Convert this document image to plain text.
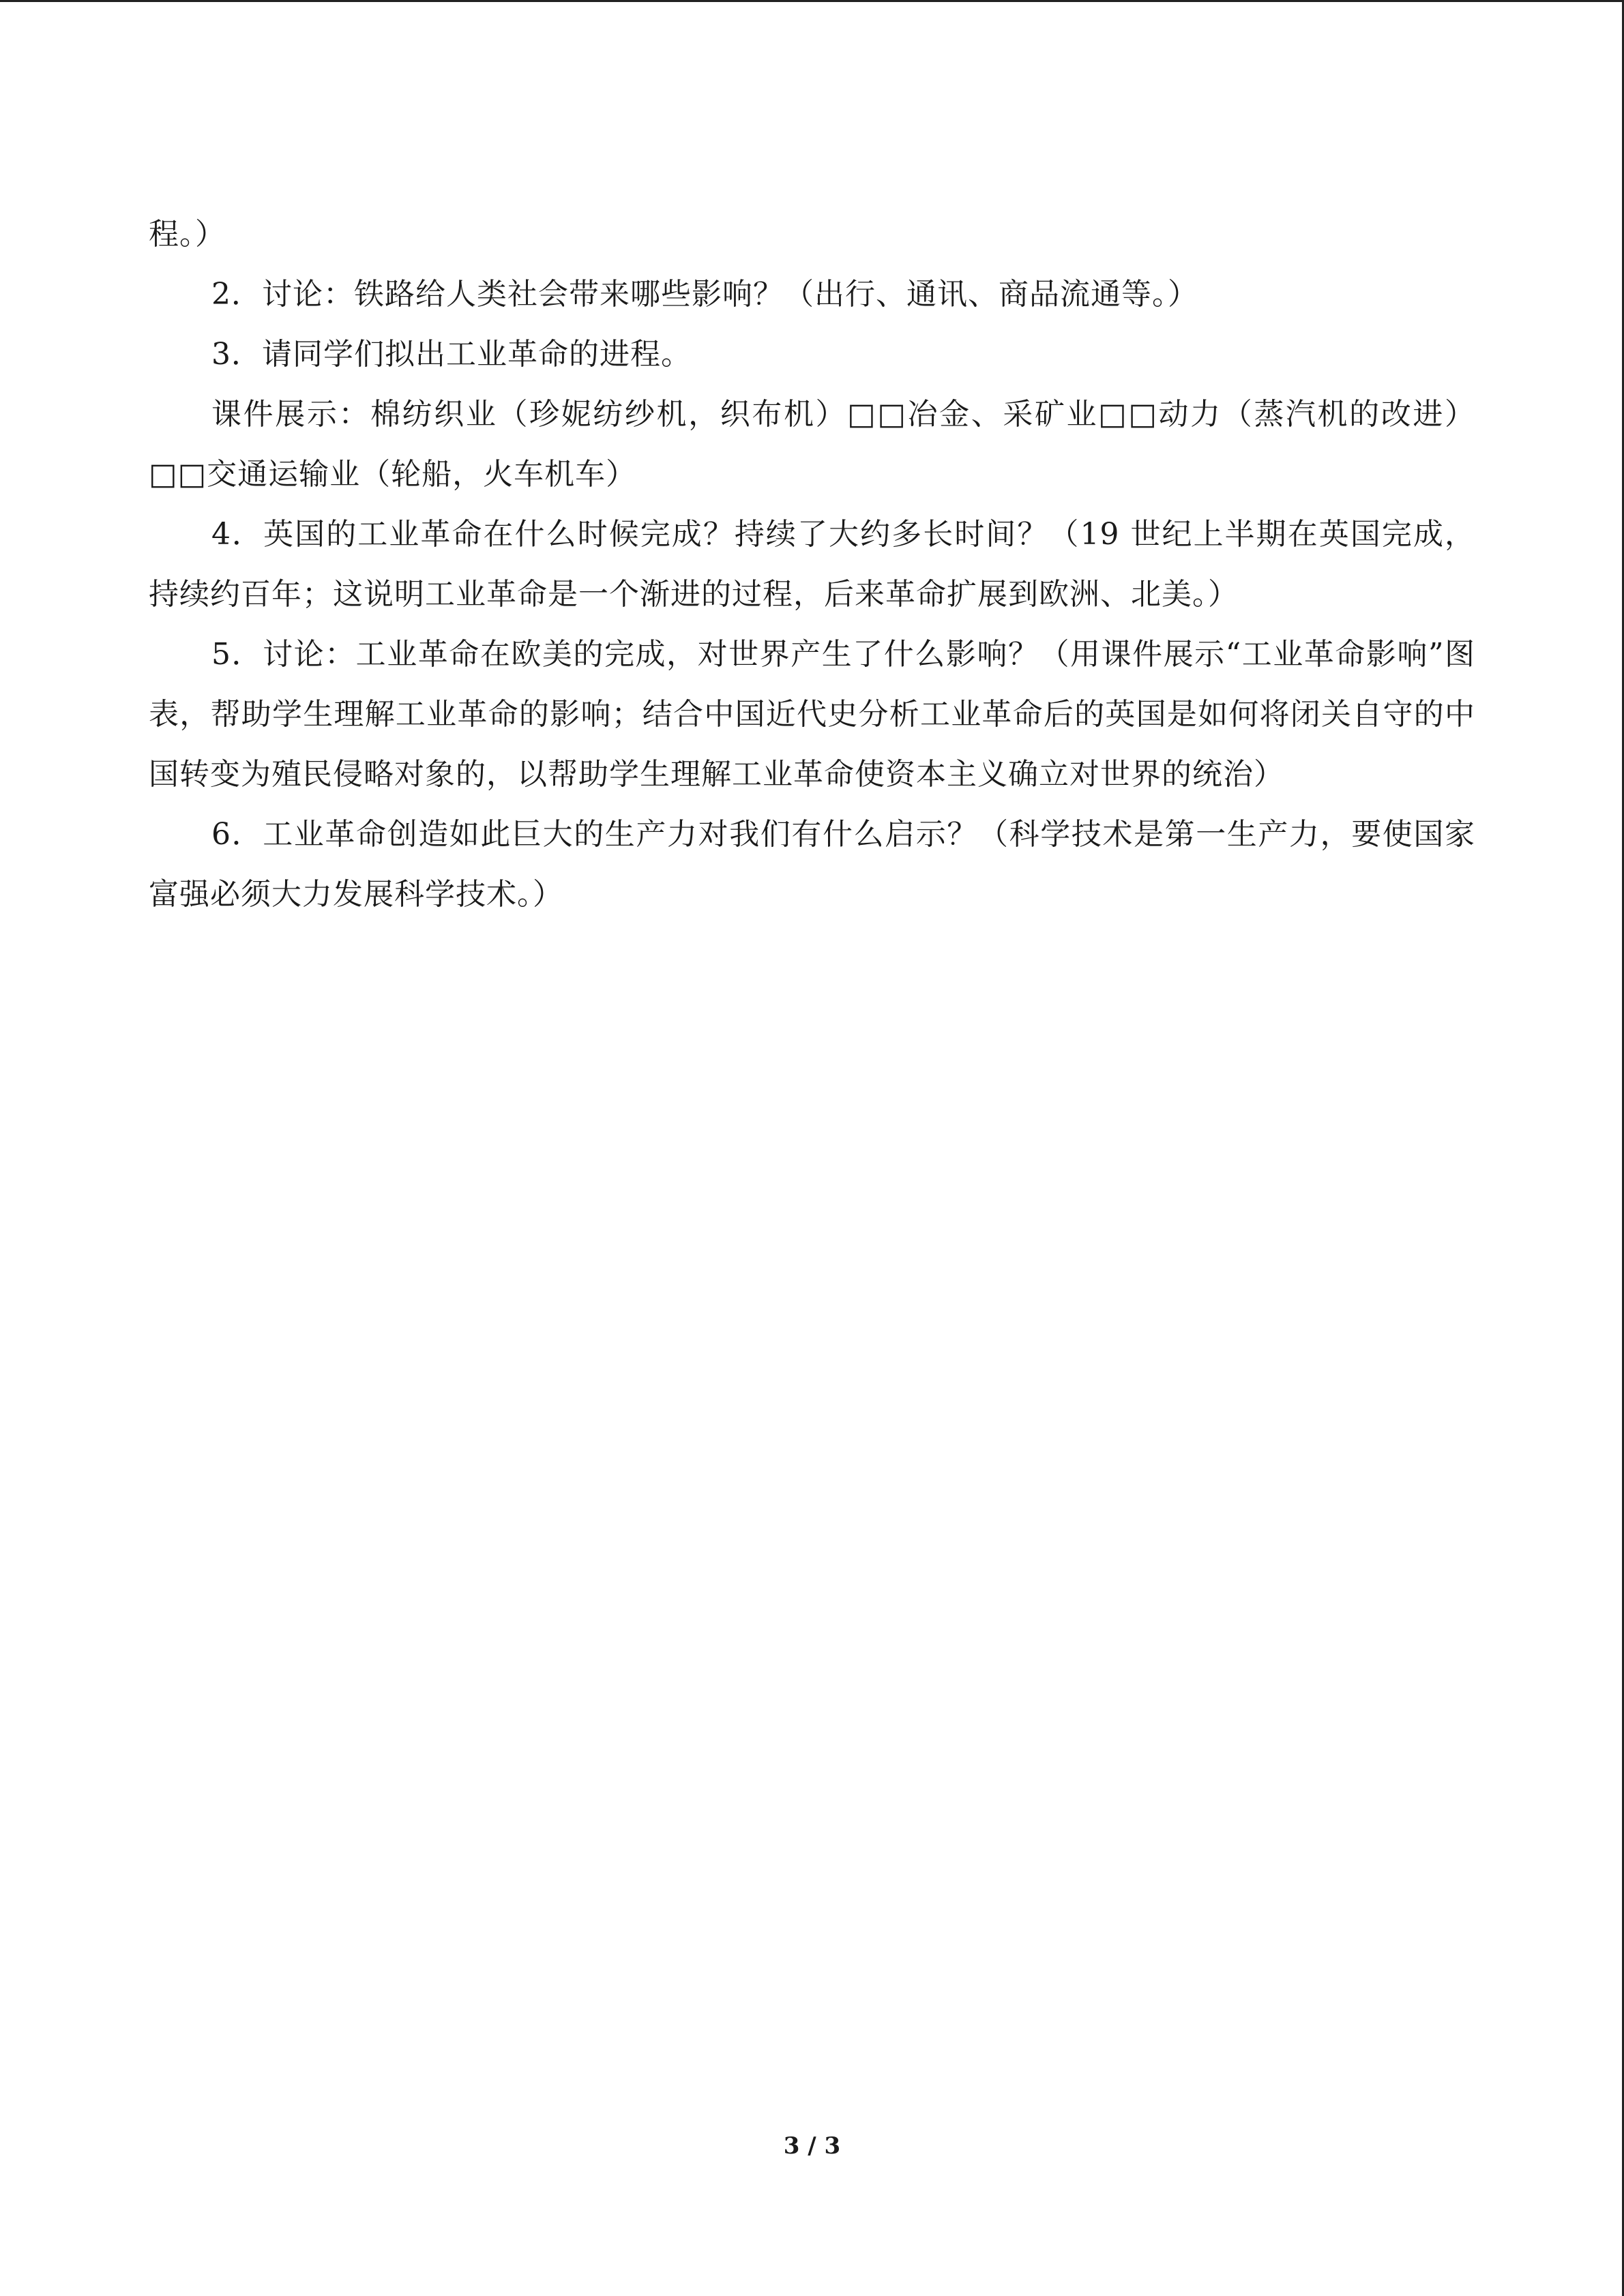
程。）

2．讨论：铁路给人类社会带来哪些影响？（出行、通讯、商品流通等。）

3．请同学们拟出工业革命的进程。

课件展示：棉纺织业（珍妮纺纱机，织布机）□□冶金、采矿业□□动力（蒸汽机的改进）□□交通运输业（轮船，火车机车）

4．英国的工业革命在什么时候完成？持续了大约多长时间？（19 世纪上半期在英国完成，持续约百年；这说明工业革命是一个渐进的过程，后来革命扩展到欧洲、北美。）

5．讨论：工业革命在欧美的完成，对世界产生了什么影响？（用课件展示“工业革命影响”图表，帮助学生理解工业革命的影响；结合中国近代史分析工业革命后的英国是如何将闭关自守的中国转变为殖民侵略对象的，以帮助学生理解工业革命使资本主义确立对世界的统治）

6．工业革命创造如此巨大的生产力对我们有什么启示？（科学技术是第一生产力，要使国家富强必须大力发展科学技术。）

3 / 3
